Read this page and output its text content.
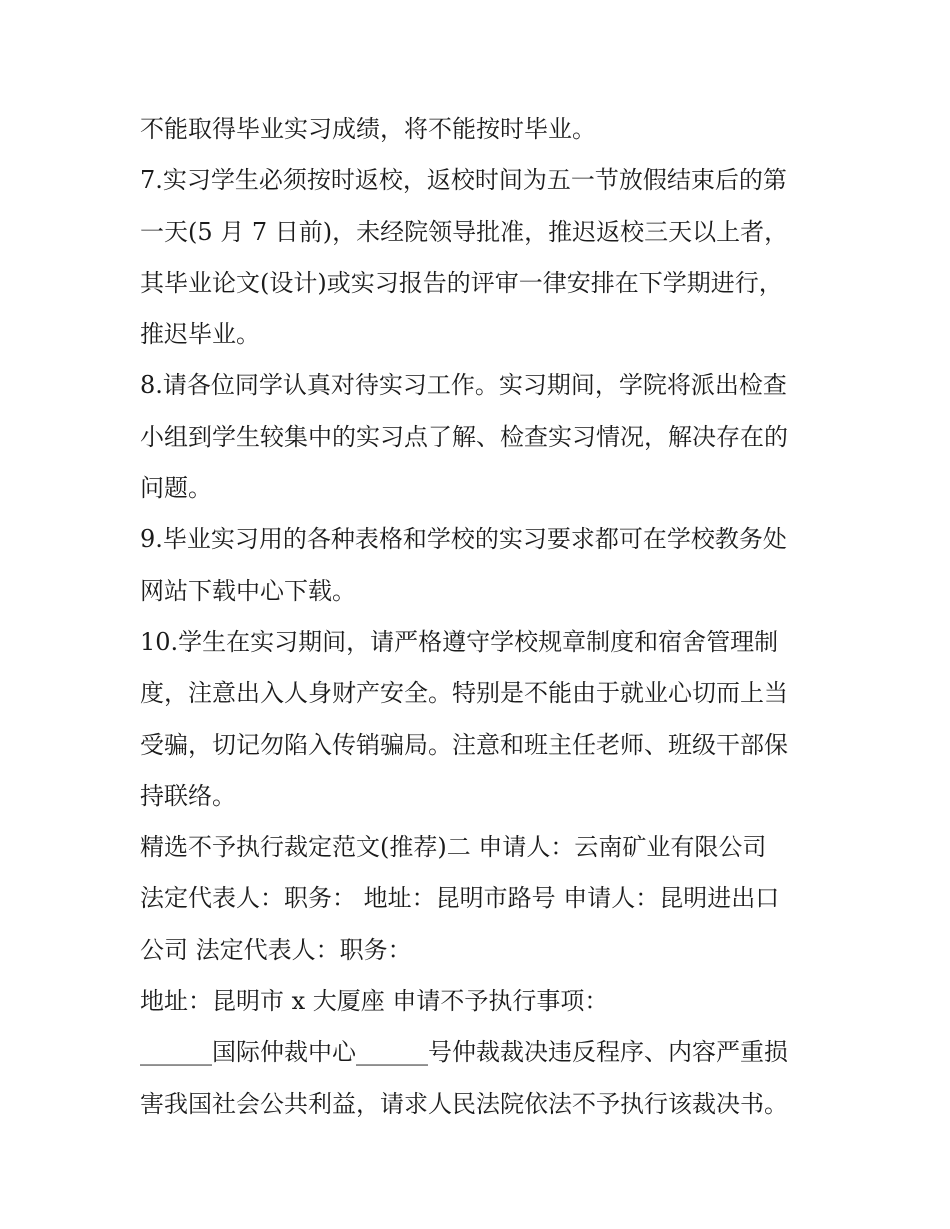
不能取得毕业实习成绩，将不能按时毕业。
7.实习学生必须按时返校，返校时间为五一节放假结束后的第
一天(5 月 7 日前)，未经院领导批准，推迟返校三天以上者，
其毕业论文(设计)或实习报告的评审一律安排在下学期进行，
推迟毕业。
8.请各位同学认真对待实习工作。实习期间，学院将派出检查
小组到学生较集中的实习点了解、检查实习情况，解决存在的
问题。
9.毕业实习用的各种表格和学校的实习要求都可在学校教务处
网站下载中心下载。
10.学生在实习期间，请严格遵守学校规章制度和宿舍管理制
度，注意出入人身财产安全。特别是不能由于就业心切而上当
受骗，切记勿陷入传销骗局。注意和班主任老师、班级干部保
持联络。
精选不予执行裁定范文(推荐)二 申请人：云南矿业有限公司
法定代表人：职务： 地址：昆明市路号 申请人：昆明进出口
公司 法定代表人：职务：
地址：昆明市 x 大厦座 申请不予执行事项：
______国际仲裁中心______号仲裁裁决违反程序、内容严重损
害我国社会公共利益，请求人民法院依法不予执行该裁决书。
